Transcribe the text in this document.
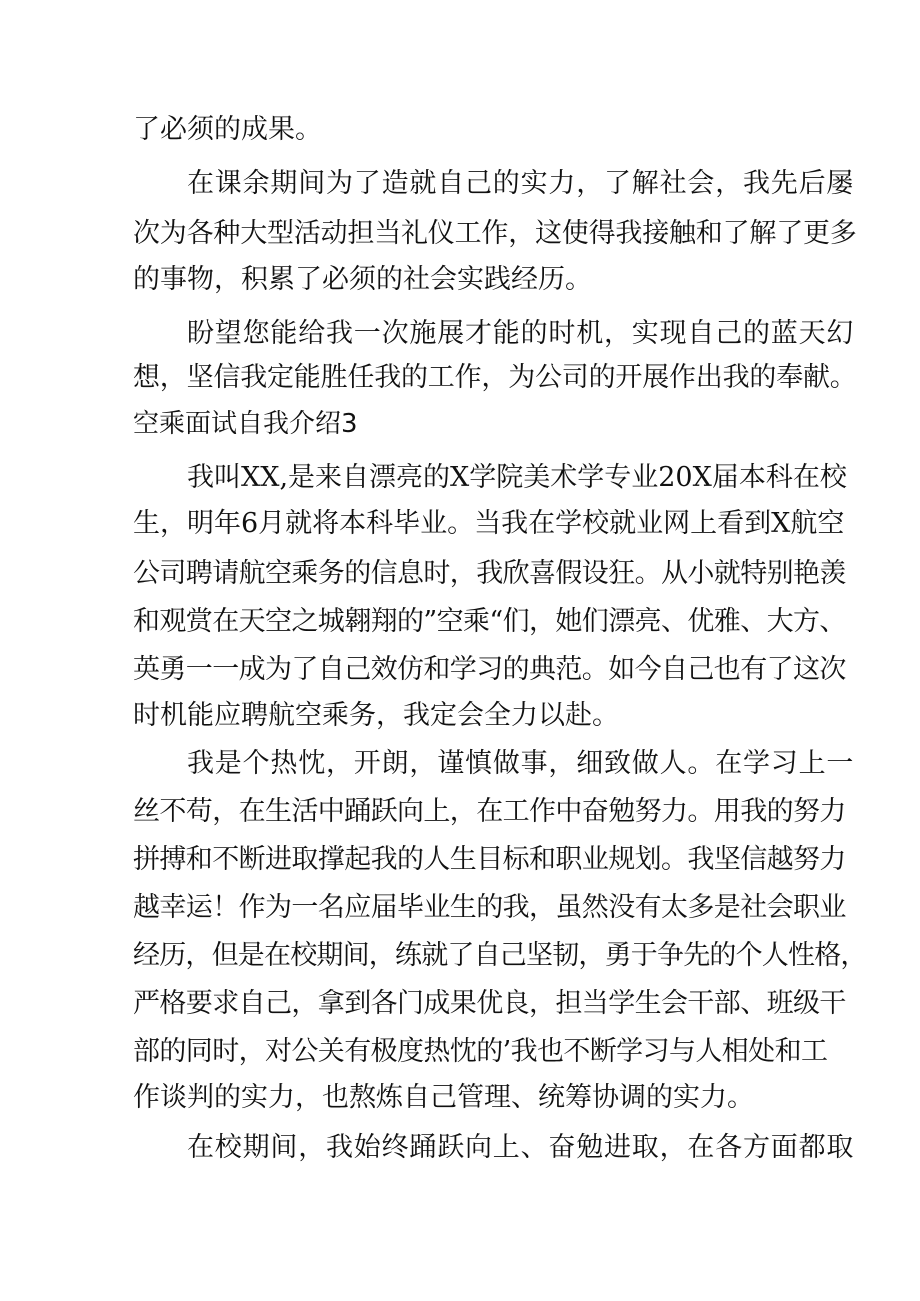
了必须的成果。

在课余期间为了造就自己的实力，了解社会，我先后屡

次为各种大型活动担当礼仪工作，这使得我接触和了解了更多

的事物，积累了必须的社会实践经历。

盼望您能给我一次施展才能的时机，实现自己的蓝天幻

想，坚信我定能胜任我的工作，为公司的开展作出我的奉献。

空乘面试自我介绍3

我叫XX,是来自漂亮的X学院美术学专业20X届本科在校

生，明年6月就将本科毕业。当我在学校就业网上看到X航空

公司聘请航空乘务的信息时，我欣喜假设狂。从小就特别艳羡

和观赏在天空之城翱翔的”空乘“们，她们漂亮、优雅、大方、

英勇一一成为了自己效仿和学习的典范。如今自己也有了这次

时机能应聘航空乘务，我定会全力以赴。

我是个热忱，开朗，谨慎做事，细致做人。在学习上一

丝不苟，在生活中踊跃向上，在工作中奋勉努力。用我的努力

拼搏和不断进取撑起我的人生目标和职业规划。我坚信越努力

越幸运！作为一名应届毕业生的我，虽然没有太多是社会职业

经历，但是在校期间，练就了自己坚韧，勇于争先的个人性格，

严格要求自己，拿到各门成果优良，担当学生会干部、班级干

部的同时，对公关有极度热忱的’我也不断学习与人相处和工

作谈判的实力，也熬炼自己管理、统筹协调的实力。

在校期间，我始终踊跃向上、奋勉进取，在各方面都取
